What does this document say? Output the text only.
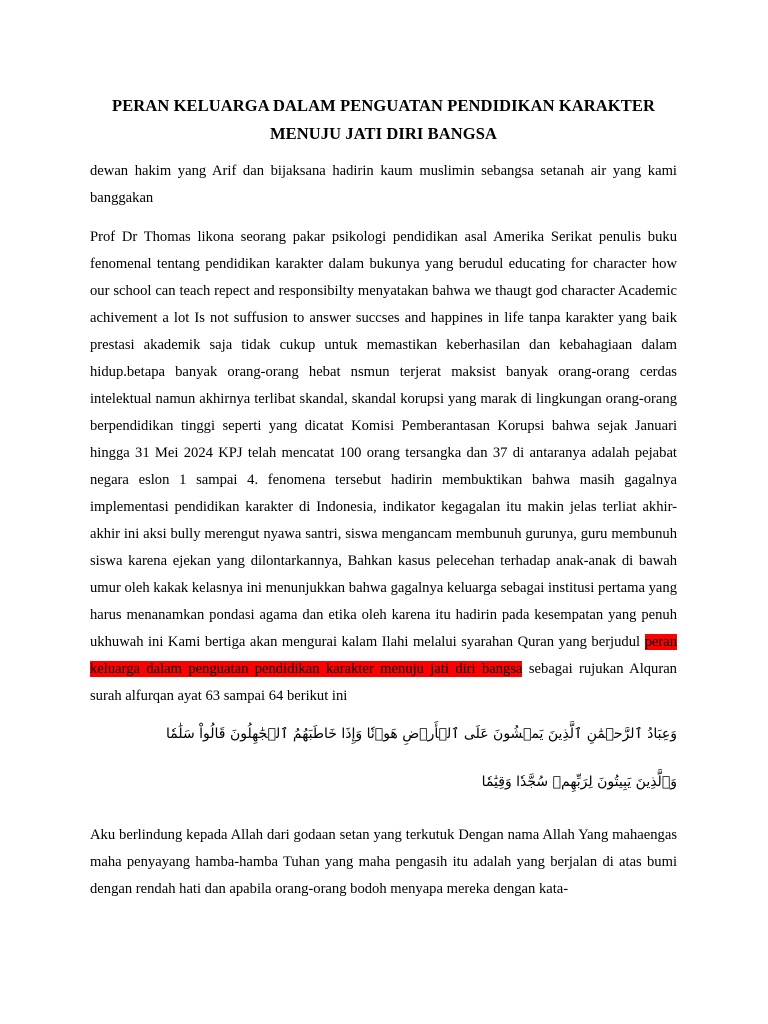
PERAN KELUARGA DALAM PENGUATAN PENDIDIKAN KARAKTER
MENUJU JATI DIRI BANGSA

dewan hakim yang Arif dan bijaksana hadirin kaum muslimin sebangsa setanah air yang kami banggakan

Prof Dr Thomas likona seorang pakar psikologi pendidikan asal Amerika Serikat penulis buku fenomenal tentang pendidikan karakter dalam bukunya yang berudul educating for character how our school can teach repect and responsibilty menyatakan bahwa we thaugt god character Academic achivement a lot Is not suffusion to answer succses and happines in life tanpa karakter yang baik prestasi akademik saja tidak cukup untuk memastikan keberhasilan dan kebahagiaan dalam hidup.betapa banyak orang-orang hebat nsmun terjerat maksist banyak orang-orang cerdas intelektual namun akhirnya terlibat skandal, skandal korupsi yang marak di lingkungan orang-orang berpendidikan tinggi seperti yang dicatat Komisi Pemberantasan Korupsi bahwa sejak Januari hingga 31 Mei 2024 KPJ telah mencatat 100 orang tersangka dan 37 di antaranya adalah pejabat negara eslon 1 sampai 4. fenomena tersebut hadirin membuktikan bahwa masih gagalnya implementasi pendidikan karakter di Indonesia, indikator kegagalan itu makin jelas terliat akhir-akhir ini aksi bully merengut nyawa santri, siswa mengancam membunuh gurunya, guru membunuh siswa karena ejekan yang dilontarkannya, Bahkan kasus pelecehan terhadap anak-anak di bawah umur oleh kakak kelasnya ini menunjukkan bahwa gagalnya keluarga sebagai institusi pertama yang harus menanamkan pondasi agama dan etika oleh karena itu hadirin pada kesempatan yang penuh ukhuwah ini Kami bertiga akan mengurai kalam Ilahi melalui syarahan Quran yang berjudul peran keluarga dalam penguatan pendidikan karakter menuju jati diri bangsa sebagai rujukan Alquran surah alfurqan ayat 63 sampai 64 berikut ini

وَعِبَادُ ٱلرَّحۡمَٰنِ ٱلَّذِينَ يَمۡشُونَ عَلَى ٱلۡأَرۡضِ هَوۡنٗا وَإِذَا خَاطَبَهُمُ ٱلۡجَٰهِلُونَ قَالُواْ سَلَٰمٗا

وَٱلَّذِينَ يَبِيتُونَ لِرَبِّهِمۡ سُجَّدٗا وَقِيَٰمٗا

Aku berlindung kepada Allah dari godaan setan yang terkutuk Dengan nama Allah Yang mahaengas maha penyayang hamba-hamba Tuhan yang maha pengasih itu adalah yang berjalan di atas bumi dengan rendah hati dan apabila orang-orang bodoh menyapa mereka dengan kata-
